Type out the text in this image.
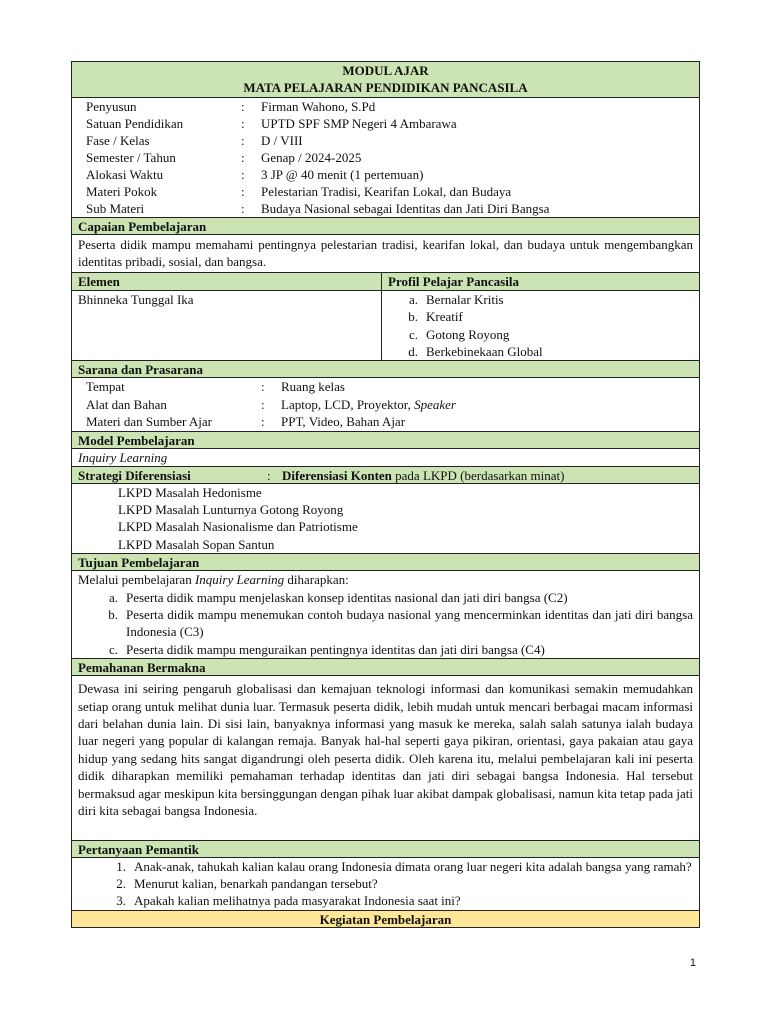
MODUL AJAR
MATA PELAJARAN PENDIDIKAN PANCASILA
Penyusun	:	Firman Wahono, S.Pd
Satuan Pendidikan	:	UPTD SPF SMP Negeri 4 Ambarawa
Fase / Kelas	:	D / VIII
Semester / Tahun	:	Genap / 2024-2025
Alokasi Waktu	:	3 JP @ 40 menit (1 pertemuan)
Materi Pokok	:	Pelestarian Tradisi, Kearifan Lokal, dan Budaya
Sub Materi	:	Budaya Nasional sebagai Identitas dan Jati Diri Bangsa
Capaian Pembelajaran
Peserta didik mampu memahami pentingnya pelestarian tradisi, kearifan lokal, dan budaya untuk mengembangkan identitas pribadi, sosial, dan bangsa.
Elemen	Profil Pelajar Pancasila
Bhinneka Tunggal Ika	a. Bernalar Kritis
b. Kreatif
c. Gotong Royong
d. Berkebinekaan Global
Sarana dan Prasarana
Tempat	:	Ruang kelas
Alat dan Bahan	:	Laptop, LCD, Proyektor, Speaker
Materi dan Sumber Ajar	:	PPT, Video, Bahan Ajar
Model Pembelajaran
Inquiry Learning
Strategi Diferensiasi	: Diferensiasi Konten pada LKPD (berdasarkan minat)
LKPD Masalah Hedonisme
LKPD Masalah Lunturnya Gotong Royong
LKPD Masalah Nasionalisme dan Patriotisme
LKPD Masalah Sopan Santun
Tujuan Pembelajaran
Melalui pembelajaran Inquiry Learning diharapkan:
a. Peserta didik mampu menjelaskan konsep identitas nasional dan jati diri bangsa (C2)
b. Peserta didik mampu menemukan contoh budaya nasional yang mencerminkan identitas dan jati diri bangsa Indonesia (C3)
c. Peserta didik mampu menguraikan pentingnya identitas dan jati diri bangsa (C4)
Pemahanan Bermakna
Dewasa ini seiring pengaruh globalisasi dan kemajuan teknologi informasi dan komunikasi semakin memudahkan setiap orang untuk melihat dunia luar. Termasuk peserta didik, lebih mudah untuk mencari berbagai macam informasi dari belahan dunia lain. Di sisi lain, banyaknya informasi yang masuk ke mereka, salah salah satunya ialah budaya luar negeri yang popular di kalangan remaja. Banyak hal-hal seperti gaya pikiran, orientasi, gaya pakaian atau gaya hidup yang sedang hits sangat digandrungi oleh peserta didik. Oleh karena itu, melalui pembelajaran kali ini peserta didik diharapkan memiliki pemahaman terhadap identitas dan jati diri sebagai bangsa Indonesia. Hal tersebut bermaksud agar meskipun kita bersinggungan dengan pihak luar akibat dampak globalisasi, namun kita tetap pada jati diri kita sebagai bangsa Indonesia.
Pertanyaan Pemantik
1. Anak-anak, tahukah kalian kalau orang Indonesia dimata orang luar negeri kita adalah bangsa yang ramah?
2. Menurut kalian, benarkah pandangan tersebut?
3. Apakah kalian melihatnya pada masyarakat Indonesia saat ini?
Kegiatan Pembelajaran
1
